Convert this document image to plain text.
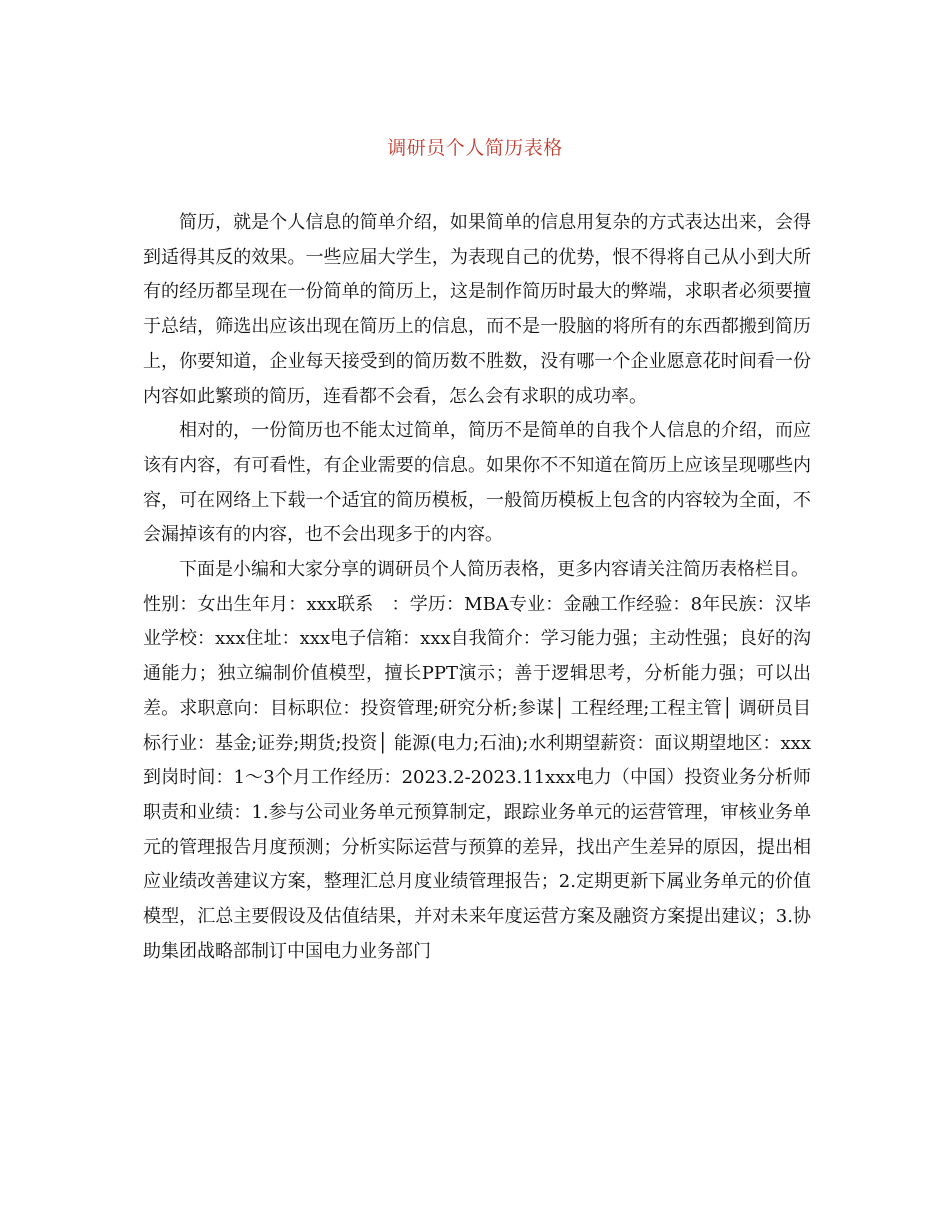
调研员个人简历表格

简历，就是个人信息的简单介绍，如果简单的信息用复杂的方式表达出来，会得到适得其反的效果。一些应届大学生，为表现自己的优势，恨不得将自己从小到大所有的经历都呈现在一份简单的简历上，这是制作简历时最大的弊端，求职者必须要擅于总结，筛选出应该出现在简历上的信息，而不是一股脑的将所有的东西都搬到简历上，你要知道，企业每天接受到的简历数不胜数，没有哪一个企业愿意花时间看一份内容如此繁琐的简历，连看都不会看，怎么会有求职的成功率。

相对的，一份简历也不能太过简单，简历不是简单的自我个人信息的介绍，而应该有内容，有可看性，有企业需要的信息。如果你不不知道在简历上应该呈现哪些内容，可在网络上下载一个适宜的简历模板，一般简历模板上包含的内容较为全面，不会漏掉该有的内容，也不会出现多于的内容。

下面是小编和大家分享的调研员个人简历表格，更多内容请关注简历表格栏目。

性别：女出生年月：xxx联系　：学历：MBA专业：金融工作经验：8年民族：汉毕业学校：xxx住址：xxx电子信箱：xxx自我简介：学习能力强；主动性强；良好的沟通能力；独立编制价值模型，擅长PPT演示；善于逻辑思考，分析能力强；可以出差。求职意向：目标职位：投资管理;研究分析;参谋│ 工程经理;工程主管│ 调研员目标行业：基金;证券;期货;投资│ 能源(电力;石油);水利期望薪资：面议期望地区：xxx到岗时间：1～3个月工作经历：2023.2-2023.11xxx电力（中国）投资业务分析师职责和业绩：1.参与公司业务单元预算制定，跟踪业务单元的运营管理，审核业务单元的管理报告月度预测；分析实际运营与预算的差异，找出产生差异的原因，提出相应业绩改善建议方案，整理汇总月度业绩管理报告；2.定期更新下属业务单元的价值模型，汇总主要假设及估值结果，并对未来年度运营方案及融资方案提出建议；3.协助集团战略部制订中国电力业务部门
